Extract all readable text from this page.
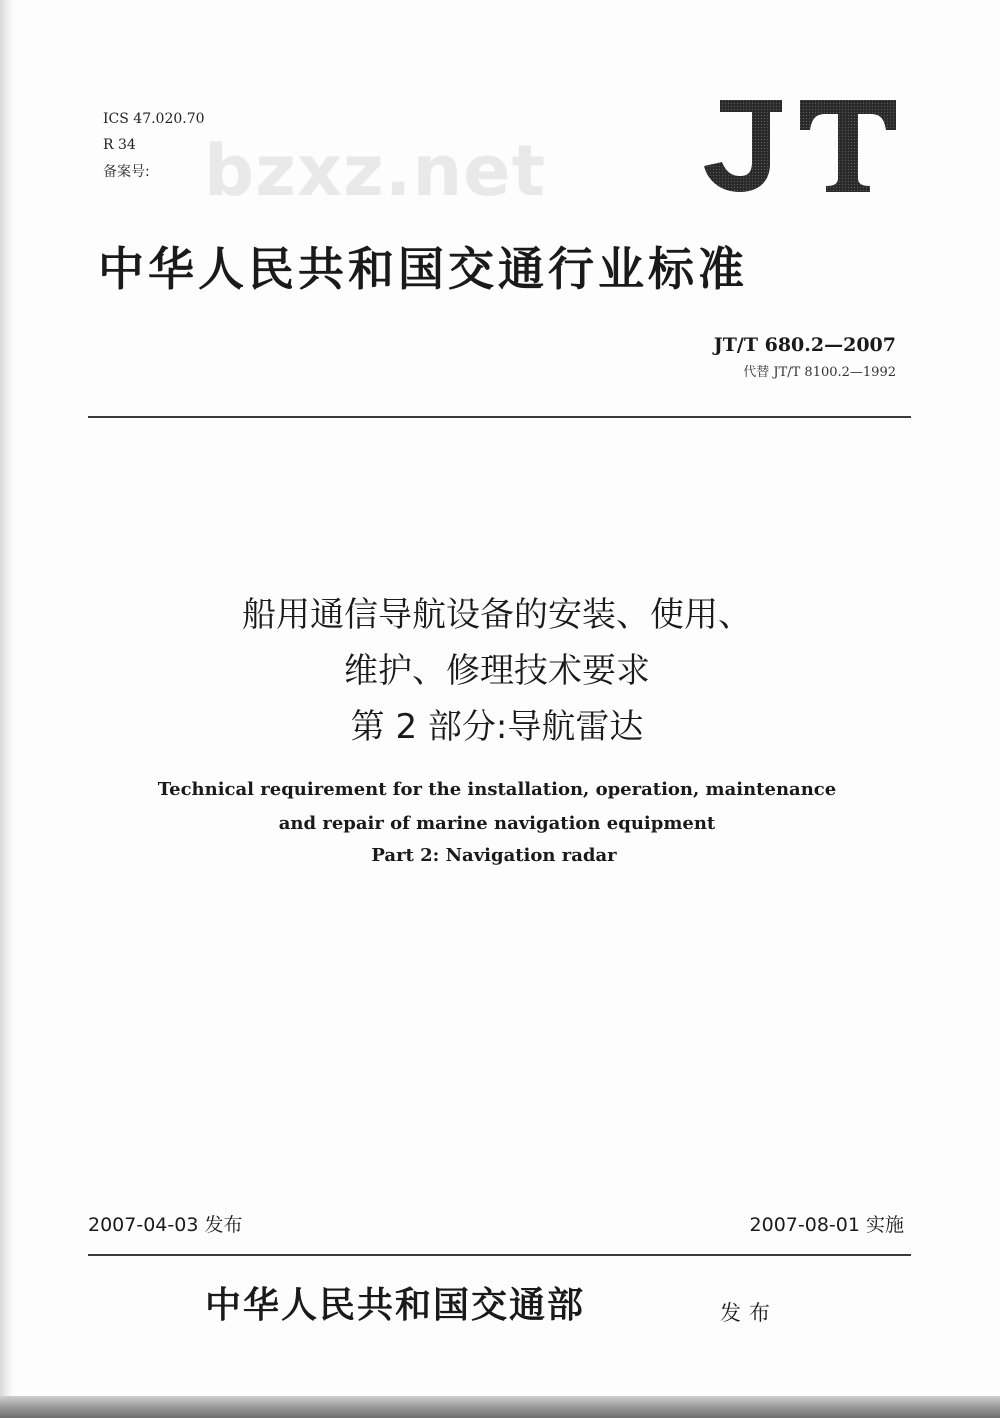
ICS 47.020.70
R 34
备案号: bzxz.net
中华人民共和国交通行业标准
JT/T 680.2—2007
代替 JT/T 8100.2—1992
船用通信导航设备的安装、使用、
维护、修理技术要求
第 2 部分:导航雷达
Technical requirement for the installation, operation, maintenance
and repair of marine navigation equipment
Part 2: Navigation radar
2007-04-03 发布	2007-08-01 实施
中华人民共和国交通部	发布
